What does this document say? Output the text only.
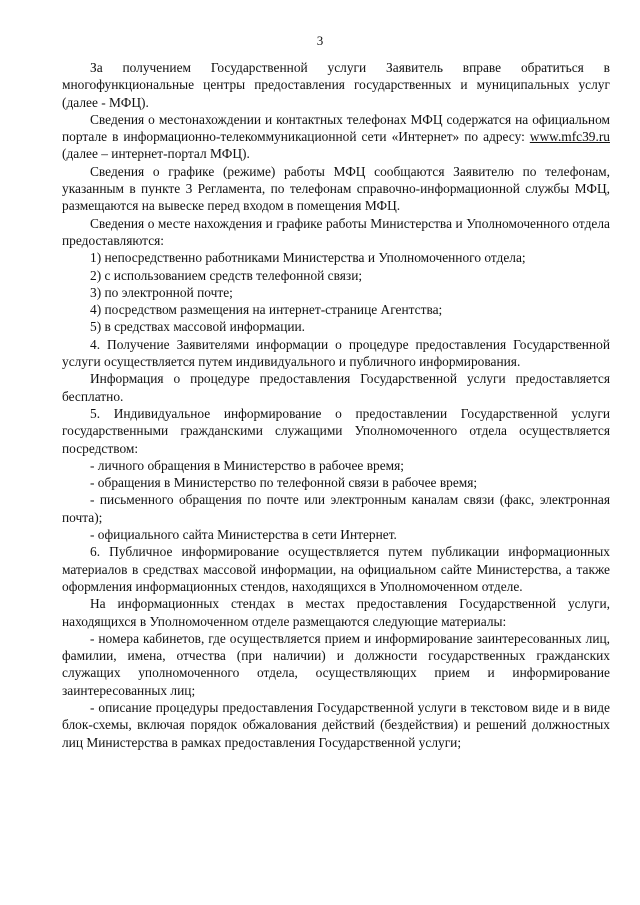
3

За получением Государственной услуги Заявитель вправе обратиться в многофункциональные центры предоставления государственных и муниципальных услуг (далее - МФЦ).

Сведения о местонахождении и контактных телефонах МФЦ содержатся на официальном портале в информационно-телекоммуникационной сети «Интернет» по адресу: www.mfc39.ru (далее – интернет-портал МФЦ).

Сведения о графике (режиме) работы МФЦ сообщаются Заявителю по телефонам, указанным в пункте 3 Регламента, по телефонам справочно-информационной службы МФЦ, размещаются на вывеске перед входом в помещения МФЦ.

Сведения о месте нахождения и графике работы Министерства и Уполномоченного отдела предоставляются:

1) непосредственно работниками Министерства и Уполномоченного отдела;

2) с использованием средств телефонной связи;

3) по электронной почте;

4) посредством размещения на интернет-странице Агентства;

5) в средствах массовой информации.

4. Получение Заявителями информации о процедуре предоставления Государственной услуги осуществляется путем индивидуального и публичного информирования.

Информация о процедуре предоставления Государственной услуги предоставляется бесплатно.

5. Индивидуальное информирование о предоставлении Государственной услуги государственными гражданскими служащими Уполномоченного отдела осуществляется посредством:

- личного обращения в Министерство в рабочее время;

- обращения в Министерство по телефонной связи в рабочее время;

- письменного обращения по почте или электронным каналам связи (факс, электронная почта);

- официального сайта Министерства в сети Интернет.

6. Публичное информирование осуществляется путем публикации информационных материалов в средствах массовой информации, на официальном сайте Министерства, а также оформления информационных стендов, находящихся в Уполномоченном отделе.

На информационных стендах в местах предоставления Государственной услуги, находящихся в Уполномоченном отделе размещаются следующие материалы:

- номера кабинетов, где осуществляется прием и информирование заинтересованных лиц, фамилии, имена, отчества (при наличии) и должности государственных гражданских служащих уполномоченного отдела, осуществляющих прием и информирование заинтересованных лиц;

- описание процедуры предоставления Государственной услуги в текстовом виде и в виде блок-схемы, включая порядок обжалования действий (бездействия) и решений должностных лиц Министерства в рамках предоставления Государственной услуги;
